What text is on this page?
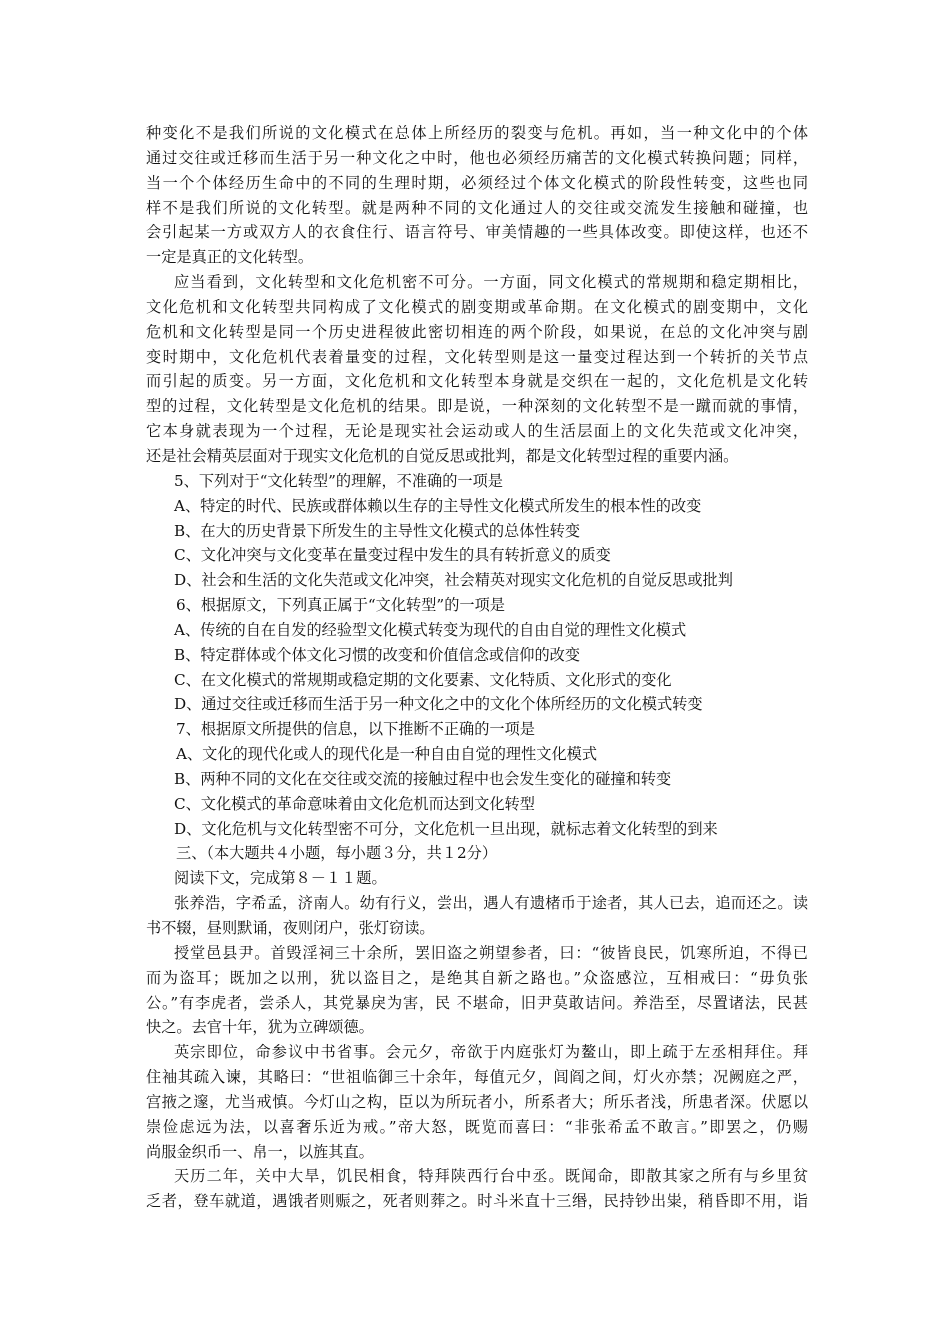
种变化不是我们所说的文化模式在总体上所经历的裂变与危机。再如，当一种文化中的个体
通过交往或迁移而生活于另一种文化之中时，他也必须经历痛苦的文化模式转换问题；同样，
当一个个体经历生命中的不同的生理时期，必须经过个体文化模式的阶段性转变，这些也同
样不是我们所说的文化转型。就是两种不同的文化通过人的交往或交流发生接触和碰撞，也
会引起某一方或双方人的衣食住行、语言符号、审美情趣的一些具体改变。即使这样，也还不
一定是真正的文化转型。
应当看到，文化转型和文化危机密不可分。一方面，同文化模式的常规期和稳定期相比，
文化危机和文化转型共同构成了文化模式的剧变期或革命期。在文化模式的剧变期中，文化
危机和文化转型是同一个历史进程彼此密切相连的两个阶段，如果说，在总的文化冲突与剧
变时期中，文化危机代表着量变的过程，文化转型则是这一量变过程达到一个转折的关节点
而引起的质变。另一方面，文化危机和文化转型本身就是交织在一起的，文化危机是文化转
型的过程，文化转型是文化危机的结果。即是说，一种深刻的文化转型不是一蹴而就的事情，
它本身就表现为一个过程，无论是现实社会运动或人的生活层面上的文化失范或文化冲突，
还是社会精英层面对于现实文化危机的自觉反思或批判，都是文化转型过程的重要内涵。
5、下列对于“文化转型”的理解，不准确的一项是
A、特定的时代、民族或群体赖以生存的主导性文化模式所发生的根本性的改变
B、在大的历史背景下所发生的主导性文化模式的总体性转变
C、文化冲突与文化变革在量变过程中发生的具有转折意义的质变
D、社会和生活的文化失范或文化冲突，社会精英对现实文化危机的自觉反思或批判
6、根据原文，下列真正属于“文化转型”的一项是
A、传统的自在自发的经验型文化模式转变为现代的自由自觉的理性文化模式
B、特定群体或个体文化习惯的改变和价值信念或信仰的改变
C、在文化模式的常规期或稳定期的文化要素、文化特质、文化形式的变化
D、通过交往或迁移而生活于另一种文化之中的文化个体所经历的文化模式转变
7、根据原文所提供的信息，以下推断不正确的一项是
A、文化的现代化或人的现代化是一种自由自觉的理性文化模式
B、两种不同的文化在交往或交流的接触过程中也会发生变化的碰撞和转变
C、文化模式的革命意味着由文化危机而达到文化转型
D、文化危机与文化转型密不可分，文化危机一旦出现，就标志着文化转型的到来
三、（本大题共４小题，每小题３分，共１2分）
阅读下文，完成第８－１１题。
张养浩，字希孟，济南人。幼有行义，尝出，遇人有遗楮币于途者，其人已去，追而还之。读
书不辍，昼则默诵，夜则闭户，张灯窃读。
授堂邑县尹。首毁淫祠三十余所，罢旧盗之朔望参者，曰：“彼皆良民，饥寒所迫，不得已
而为盗耳；既加之以刑，犹以盗目之，是绝其自新之路也。”众盗感泣，互相戒曰：“毋负张
公。”有李虎者，尝杀人，其党暴戾为害，民 不堪命，旧尹莫敢诘问。养浩至，尽置诸法，民甚
快之。去官十年，犹为立碑颂德。
英宗即位，命参议中书省事。会元夕，帝欲于内庭张灯为鳌山，即上疏于左丞相拜住。拜
住袖其疏入谏，其略曰：“世祖临御三十余年，每值元夕，闾阎之间，灯火亦禁；况阙庭之严，
宫掖之邃，尤当戒慎。今灯山之构，臣以为所玩者小，所系者大；所乐者浅，所患者深。伏愿以
崇俭虑远为法，以喜奢乐近为戒。”帝大怒，既览而喜曰：“非张希孟不敢言。”即罢之，仍赐
尚服金织币一、帛一，以旌其直。
天历二年，关中大旱，饥民相食，特拜陕西行台中丞。既闻命，即散其家之所有与乡里贫
乏者，登车就道，遇饿者则赈之，死者则葬之。时斗米直十三缗，民持钞出粜，稍昏即不用，诣
